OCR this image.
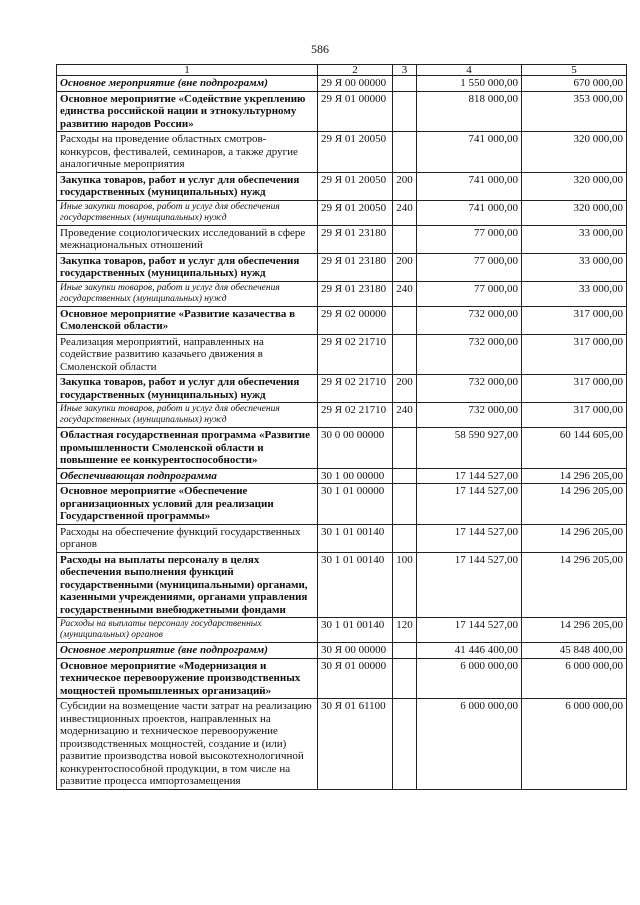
586
1	2	3	4	5
Основное мероприятие (вне подпрограмм)	29 Я 00 00000		1 550 000,00	670 000,00
Основное мероприятие «Содействие укреплению единства российской нации и этнокультурному развитию народов России»	29 Я 01 00000		818 000,00	353 000,00
Расходы на проведение областных смотров-конкурсов, фестивалей, семинаров, а также другие аналогичные мероприятия	29 Я 01 20050		741 000,00	320 000,00
Закупка товаров, работ и услуг для обеспечения государственных (муниципальных) нужд	29 Я 01 20050	200	741 000,00	320 000,00
Иные закупки товаров, работ и услуг для обеспечения государственных (муниципальных) нужд	29 Я 01 20050	240	741 000,00	320 000,00
Проведение социологических исследований в сфере межнациональных отношений	29 Я 01 23180		77 000,00	33 000,00
Закупка товаров, работ и услуг для обеспечения государственных (муниципальных) нужд	29 Я 01 23180	200	77 000,00	33 000,00
Иные закупки товаров, работ и услуг для обеспечения государственных (муниципальных) нужд	29 Я 01 23180	240	77 000,00	33 000,00
Основное мероприятие «Развитие казачества в Смоленской области»	29 Я 02 00000		732 000,00	317 000,00
Реализация мероприятий, направленных на содействие развитию казачьего движения в Смоленской области	29 Я 02 21710		732 000,00	317 000,00
Закупка товаров, работ и услуг для обеспечения государственных (муниципальных) нужд	29 Я 02 21710	200	732 000,00	317 000,00
Иные закупки товаров, работ и услуг для обеспечения государственных (муниципальных) нужд	29 Я 02 21710	240	732 000,00	317 000,00
Областная государственная программа «Развитие промышленности Смоленской области и повышение ее конкурентоспособности»	30 0 00 00000		58 590 927,00	60 144 605,00
Обеспечивающая подпрограмма	30 1 00 00000		17 144 527,00	14 296 205,00
Основное мероприятие «Обеспечение организационных условий для реализации Государственной программы»	30 1 01 00000		17 144 527,00	14 296 205,00
Расходы на обеспечение функций государственных органов	30 1 01 00140		17 144 527,00	14 296 205,00
Расходы на выплаты персоналу в целях обеспечения выполнения функций государственными (муниципальными) органами, казенными учреждениями, органами управления государственными внебюджетными фондами	30 1 01 00140	100	17 144 527,00	14 296 205,00
Расходы на выплаты персоналу государственных (муниципальных) органов	30 1 01 00140	120	17 144 527,00	14 296 205,00
Основное мероприятие (вне подпрограмм)	30 Я 00 00000		41 446 400,00	45 848 400,00
Основное мероприятие «Модернизация и техническое перевооружение производственных мощностей промышленных организаций»	30 Я 01 00000		6 000 000,00	6 000 000,00
Субсидии на возмещение части затрат на реализацию инвестиционных проектов, направленных на модернизацию и техническое перевооружение производственных мощностей, создание и (или) развитие производства новой высокотехнологичной конкурентоспособной продукции, в том числе на развитие процесса импортозамещения	30 Я 01 61100		6 000 000,00	6 000 000,00
